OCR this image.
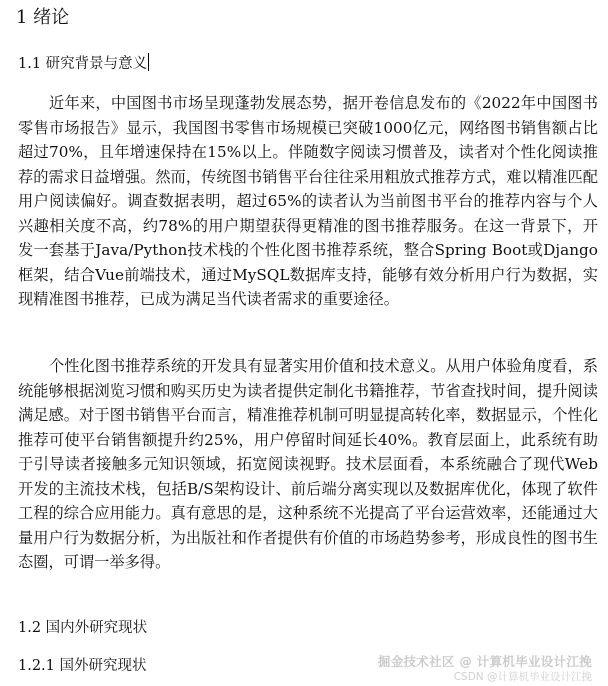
1 绪论
1.1 研究背景与意义

近年来，中国图书市场呈现蓬勃发展态势，据开卷信息发布的《2022年中国图书零售市场报告》显示，我国图书零售市场规模已突破1000亿元，网络图书销售额占比超过70%，且年增速保持在15%以上。伴随数字阅读习惯普及，读者对个性化阅读推荐的需求日益增强。然而，传统图书销售平台往往采用粗放式推荐方式，难以精准匹配用户阅读偏好。调查数据表明，超过65%的读者认为当前图书平台的推荐内容与个人兴趣相关度不高，约78%的用户期望获得更精准的图书推荐服务。在这一背景下，开发一套基于Java/Python技术栈的个性化图书推荐系统，整合Spring Boot或Django框架，结合Vue前端技术，通过MySQL数据库支持，能够有效分析用户行为数据，实现精准图书推荐，已成为满足当代读者需求的重要途径。

个性化图书推荐系统的开发具有显著实用价值和技术意义。从用户体验角度看，系统能够根据浏览习惯和购买历史为读者提供定制化书籍推荐，节省查找时间，提升阅读满足感。对于图书销售平台而言，精准推荐机制可明显提高转化率，数据显示，个性化推荐可使平台销售额提升约25%，用户停留时间延长40%。教育层面上，此系统有助于引导读者接触多元知识领域，拓宽阅读视野。技术层面看，本系统融合了现代Web开发的主流技术栈，包括B/S架构设计、前后端分离实现以及数据库优化，体现了软件工程的综合应用能力。真有意思的是，这种系统不光提高了平台运营效率，还能通过大量用户行为数据分析，为出版社和作者提供有价值的市场趋势参考，形成良性的图书生态圈，可谓一举多得。

1.2 国内外研究现状
1.2.1 国外研究现状	掘金技术社区 @ 计算机毕业设计江挽
CSDN @计算机毕业设计江挽
